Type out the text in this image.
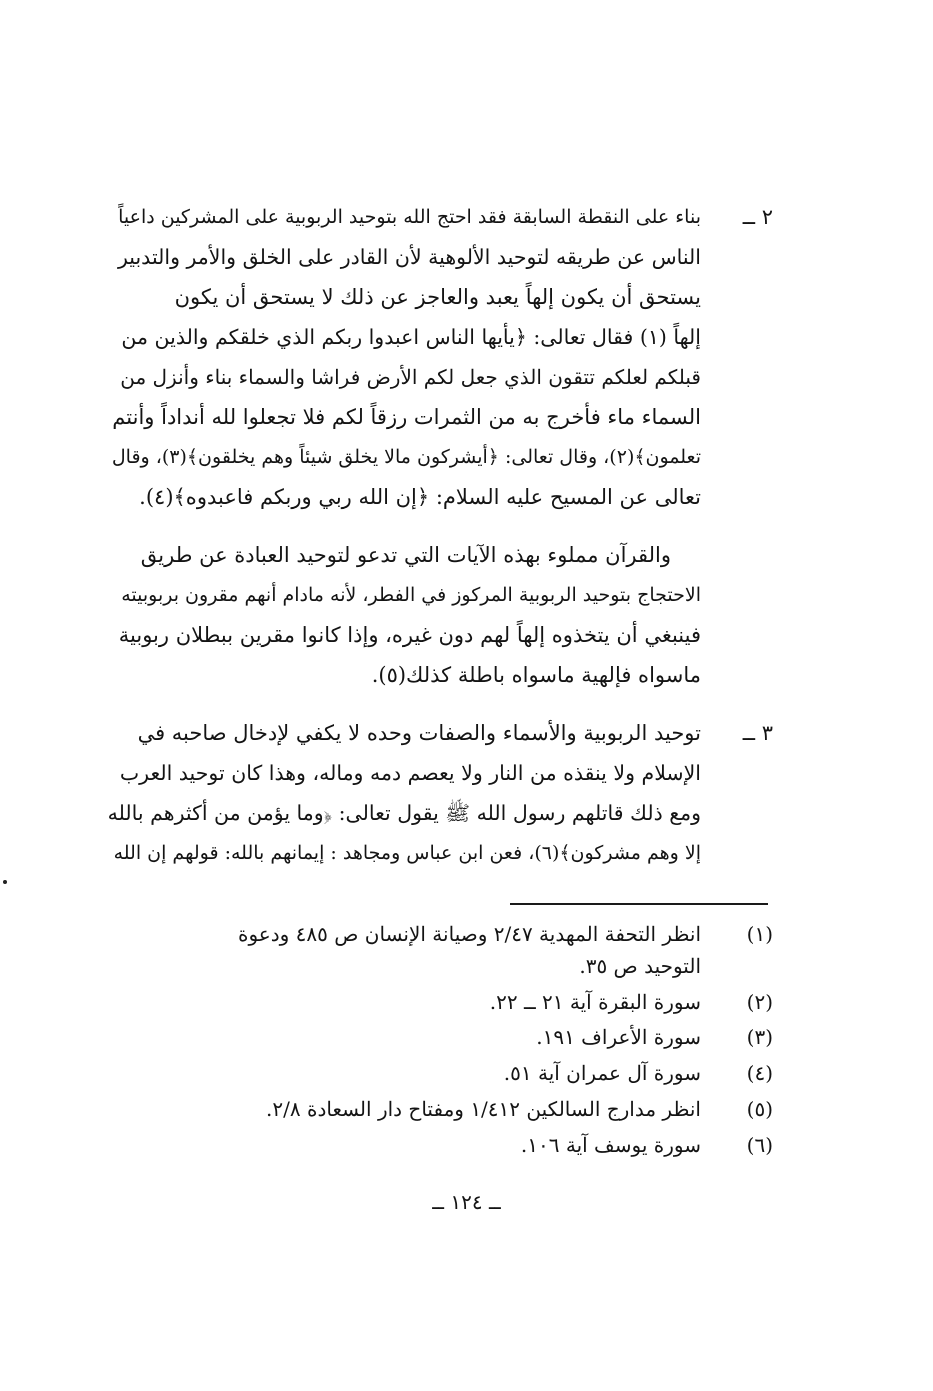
٢ ــ
بناء على النقطة السابقة فقد احتج الله بتوحيد الربوبية على المشركين داعياً
الناس عن طريقه لتوحيد الألوهية لأن القادر على الخلق والأمر والتدبير
يستحق أن يكون إلهاً يعبد والعاجز عن ذلك لا يستحق أن يكون
إلهاً (١) فقال تعالى: ﴿يأيها الناس اعبدوا ربكم الذي خلقكم والذين من
قبلكم لعلكم تتقون الذي جعل لكم الأرض فراشا والسماء بناء وأنزل من
السماء ماء فأخرج به من الثمرات رزقاً لكم فلا تجعلوا لله أنداداً وأنتم
تعلمون﴾(٢)، وقال تعالى: ﴿أيشركون مالا يخلق شيئاً وهم يخلقون﴾(٣)، وقال
تعالى عن المسيح عليه السلام: ﴿إن الله ربي وربكم فاعبدوه﴾(٤).
والقرآن مملوء بهذه الآيات التي تدعو لتوحيد العبادة عن طريق
الاحتجاج بتوحيد الربوبية المركوز في الفطر، لأنه مادام أنهم مقرون بربوبيته
فينبغي أن يتخذوه إلهاً لهم دون غيره، وإذا كانوا مقرين ببطلان ربوبية
ماسواه فإلهية ماسواه باطلة كذلك(٥).
٣ ــ
توحيد الربوبية والأسماء والصفات وحده لا يكفي لإدخال صاحبه في
الإسلام ولا ينقذه من النار ولا يعصم دمه وماله، وهذا كان توحيد العرب
ومع ذلك قاتلهم رسول الله ﷺ يقول تعالى: ﴿وما يؤمن من أكثرهم بالله
إلا وهم مشركون﴾(٦)، فعن ابن عباس ومجاهد : إيمانهم بالله: قولهم إن الله
(١)
انظر التحفة المهدية ٢/٤٧ وصيانة الإنسان ص ٤٨٥ ودعوة
التوحيد ص ٣٥.
(٢)
سورة البقرة آية ٢١ ــ ٢٢.
(٣)
سورة الأعراف ١٩١.
(٤)
سورة آل عمران آية ٥١.
(٥)
انظر مدارج السالكين ١/٤١٢ ومفتاح دار السعادة ٢/٨.
(٦)
سورة يوسف آية ١٠٦.
ــ ١٢٤ ــ
